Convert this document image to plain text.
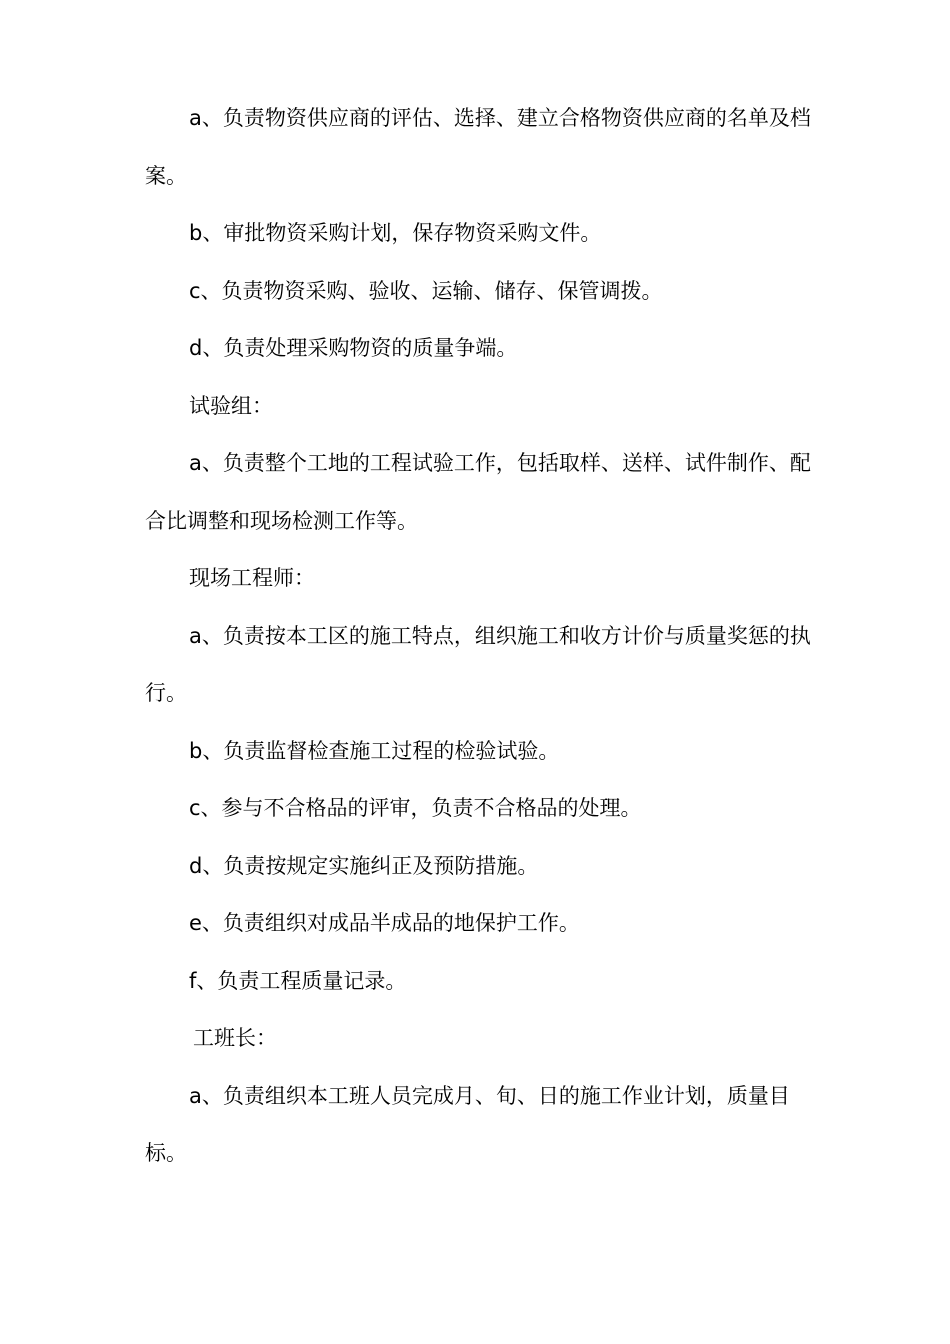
a、负责物资供应商的评估、选择、建立合格物资供应商的名单及档案。

b、审批物资采购计划，保存物资采购文件。

c、负责物资采购、验收、运输、储存、保管调拨。

d、负责处理采购物资的质量争端。

试验组：

a、负责整个工地的工程试验工作，包括取样、送样、试件制作、配合比调整和现场检测工作等。

现场工程师：

a、负责按本工区的施工特点，组织施工和收方计价与质量奖惩的执行。

b、负责监督检查施工过程的检验试验。

c、参与不合格品的评审，负责不合格品的处理。

d、负责按规定实施纠正及预防措施。

e、负责组织对成品半成品的地保护工作。

f、负责工程质量记录。

工班长：

a、负责组织本工班人员完成月、旬、日的施工作业计划，质量目标。
